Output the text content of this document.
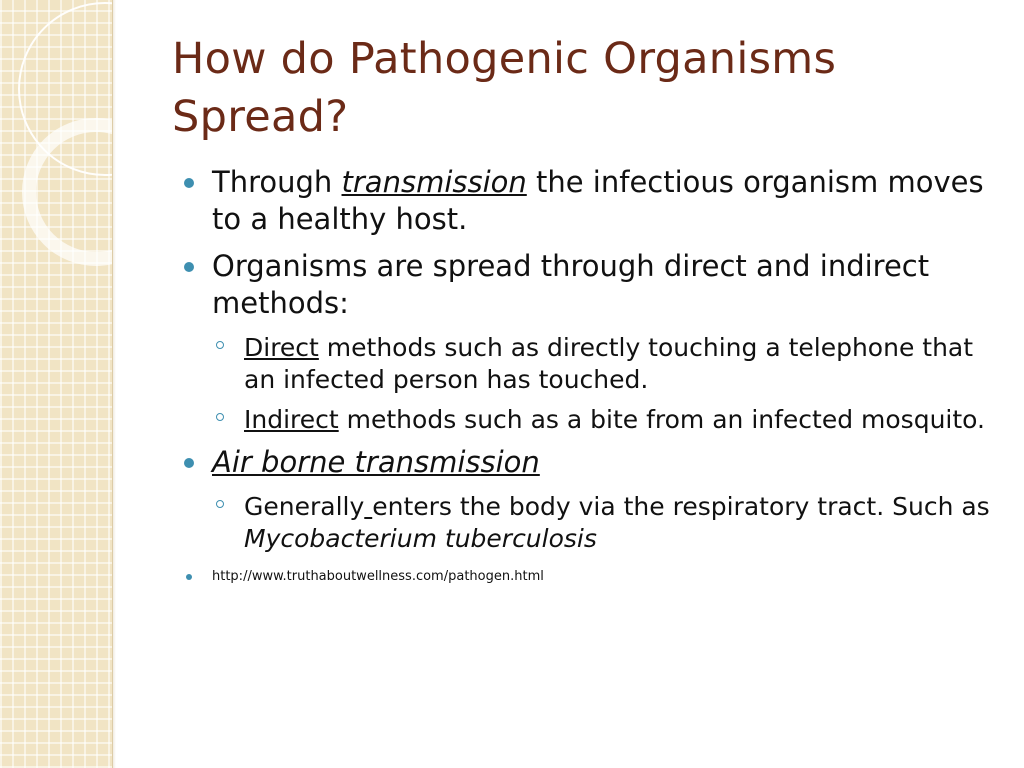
How do Pathogenic Organisms Spread?
Through transmission the infectious organism moves to a healthy host.
Organisms are spread through direct and indirect methods:
Direct methods such as directly touching a telephone that an infected person has touched.
Indirect methods such as a bite from an infected mosquito.
Air borne transmission
Generally enters the body via the respiratory tract. Such as Mycobacterium tuberculosis
http://www.truthaboutwellness.com/pathogen.html
